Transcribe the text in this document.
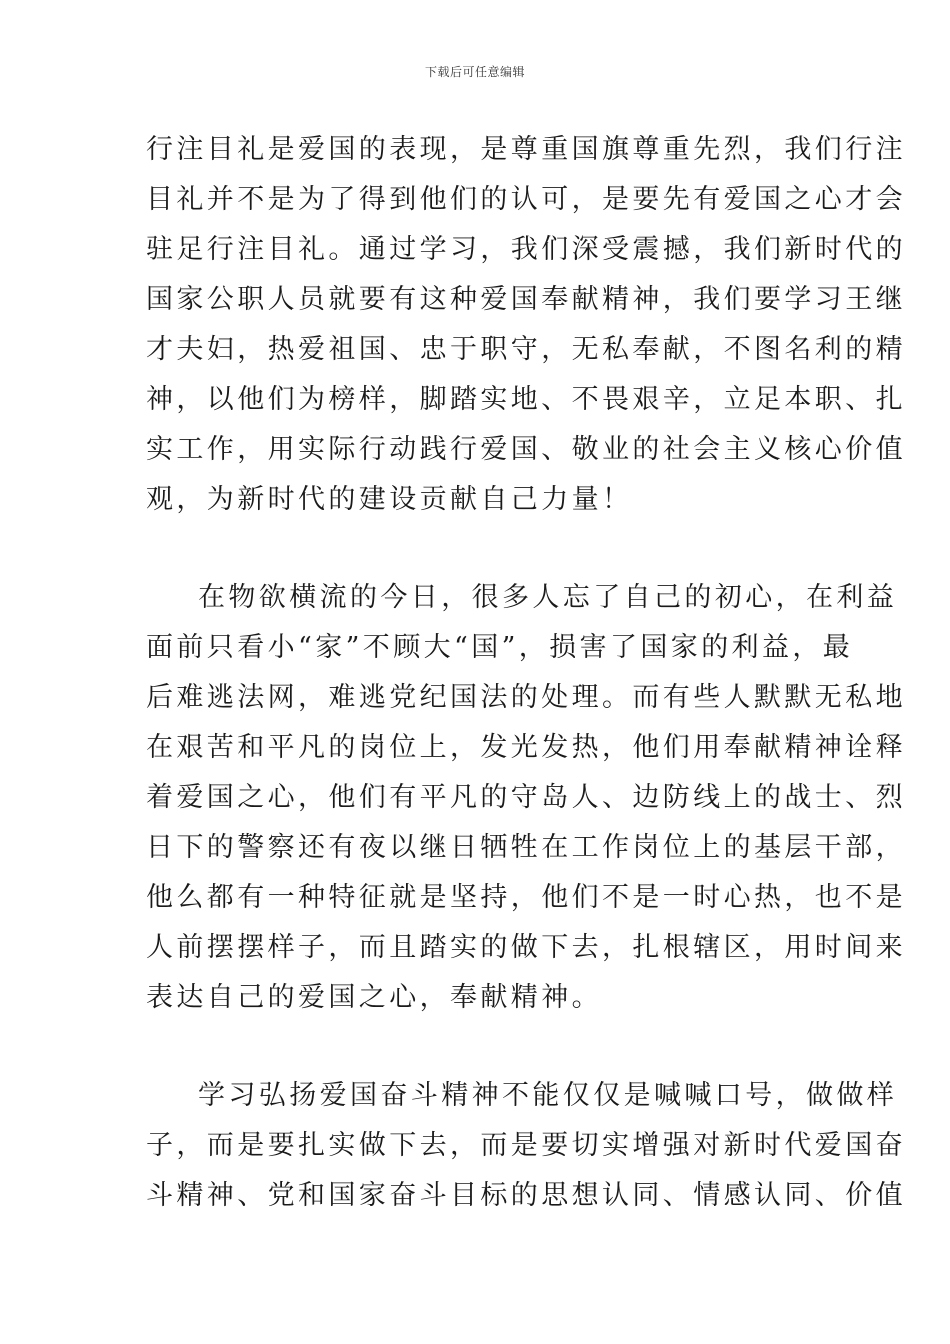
下载后可任意编辑
行注目礼是爱国的表现，是尊重国旗尊重先烈，我们行注
目礼并不是为了得到他们的认可，是要先有爱国之心才会
驻足行注目礼。通过学习，我们深受震撼，我们新时代的
国家公职人员就要有这种爱国奉献精神，我们要学习王继
才夫妇，热爱祖国、忠于职守，无私奉献，不图名利的精
神，以他们为榜样，脚踏实地、不畏艰辛，立足本职、扎
实工作，用实际行动践行爱国、敬业的社会主义核心价值
观，为新时代的建设贡献自己力量！
在物欲横流的今日，很多人忘了自己的初心，在利益
面前只看小“家”不顾大“国”，损害了国家的利益，最
后难逃法网，难逃党纪国法的处理。而有些人默默无私地
在艰苦和平凡的岗位上，发光发热，他们用奉献精神诠释
着爱国之心，他们有平凡的守岛人、边防线上的战士、烈
日下的警察还有夜以继日牺牲在工作岗位上的基层干部，
他么都有一种特征就是坚持，他们不是一时心热，也不是
人前摆摆样子，而且踏实的做下去，扎根辖区，用时间来
表达自己的爱国之心，奉献精神。
学习弘扬爱国奋斗精神不能仅仅是喊喊口号，做做样
子，而是要扎实做下去，而是要切实增强对新时代爱国奋
斗精神、党和国家奋斗目标的思想认同、情感认同、价值
